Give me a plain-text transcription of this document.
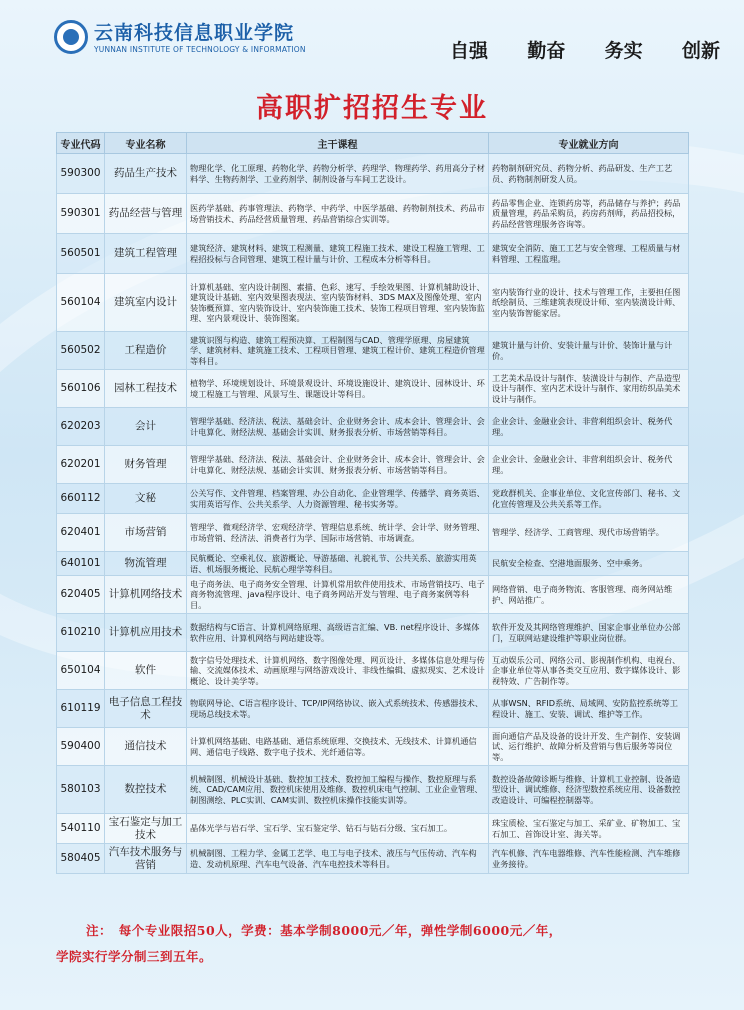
云南科技信息职业学院
YUNNAN INSTITUTE OF TECHNOLOGY & INFORMATION	自强 勤奋 务实 创新
高职扩招招生专业
专业代码	专业名称	主干课程	专业就业方向
590300	药品生产技术	物理化学、化工原理、药物化学、药物分析学、药理学、物理药学、药用高分子材料学、生物药剂学、工业药剂学、制剂设备与车间工艺设计。	药物制剂研究员、药物分析、药品研发、生产工艺员、药物制剂研发人员。
590301	药品经营与管理	医药学基础、药事管理法、药物学、中药学、中医学基础、药物制剂技术、药品市场营销技术、药品经营质量管理、药品营销综合实训等。	药品零售企业、连锁药房等，药品储存与养护；药品质量管理，药品采购员，药房药剂师，药品招投标，药品经营管理服务咨询等。
560501	建筑工程管理	建筑经济、建筑材料、建筑工程测量、建筑工程施工技术、建设工程施工管理、工程招投标与合同管理、建筑工程计量与计价、工程成本分析等科目。	建筑安全消防、施工工艺与安全管理、工程质量与材料管理、工程监理。
560104	建筑室内设计	计算机基础、室内设计制图、素描、色彩、速写、手绘效果图、计算机辅助设计、建筑设计基础、室内效果图表现法、室内装饰材料、3DS MAX及图像处理、室内装饰概预算、室内装饰设计、室内装饰施工技术、装饰工程项目管理、室内装饰监理、室内景观设计、装饰图案。	室内装饰行业的设计、技术与管理工作，主要担任图纸绘制员、三维建筑表现设计师、室内装潢设计师、室内装饰智能家居。
560502	工程造价	建筑识图与构造、建筑工程预决算、工程制图与CAD、管理学原理、房屋建筑学、建筑材料、建筑施工技术、工程项目管理、建筑工程计价、建筑工程造价管理等科目。	建筑计量与计价、安装计量与计价、装饰计量与计价。
560106	园林工程技术	植物学、环境规划设计、环境景观设计、环境设施设计、建筑设计、园林设计、环境工程施工与管理、风景写生、课题设计等科目。	工艺美术品设计与制作、装潢设计与制作、产品造型设计与制作、室内艺术设计与制作、家用纺织品美术设计与制作。
620203	会计	管理学基础、经济法、税法、基础会计、企业财务会计、成本会计、管理会计、会计电算化、财经法规、基础会计实训、财务报表分析、市场营销等科目。	企业会计、金融业会计、非营利组织会计、税务代理。
620201	财务管理	管理学基础、经济法、税法、基础会计、企业财务会计、成本会计、管理会计、会计电算化、财经法规、基础会计实训、财务报表分析、市场营销等科目。	企业会计、金融业会计、非营利组织会计、税务代理。
660112	文秘	公关写作、文件管理、档案管理、办公自动化、企业管理学、传播学、商务英语、实用英语写作、公共关系学、人力资源管理、秘书实务等。	党政群机关、企事业单位、文化宣传部门、秘书、文化宣传管理及公共关系等工作。
620401	市场营销	管理学、微观经济学、宏观经济学、管理信息系统、统计学、会计学、财务管理、市场营销、经济法、消费者行为学、国际市场营销、市场调查。	管理学、经济学、工商管理、现代市场营销学。
640101	物流管理	民航概论、空乘礼仪、旅游概论、导游基础、礼貌礼节、公共关系、旅游实用英语、机场服务概论、民航心理学等科目。	民航安全检查、空港地面服务、空中乘务。
620405	计算机网络技术	电子商务法、电子商务安全管理、计算机常用软件使用技术、市场营销技巧、电子商务物流管理、java程序设计、电子商务网站开发与管理、电子商务案例等科目。	网络营销、电子商务物流、客服管理、商务网站维护、网站推广。
610210	计算机应用技术	数据结构与C语言、计算机网络原理、高级语言汇编、VB. net程序设计、多媒体软件应用、计算机网络与网站建设等。	软件开发及其网络管理维护、国家企事业单位办公部门，互联网站建设维护等职业岗位群。
650104	软件	数字信号处理技术、计算机网络、数字图像处理、网页设计、多媒体信息处理与传输、交流媒体技术、动画原理与网络游戏设计、非线性编辑、虚拟现实、艺术设计概论、设计美学等。	互动娱乐公司、网络公司、影视制作机构、电视台、企事业单位等从事各类交互应用、数字媒体设计、影视特效、广告制作等。
610119	电子信息工程技术	物联网导论、C语言程序设计、TCP/IP网络协议、嵌入式系统技术、传感器技术、现场总线技术等。	从事WSN、RFID系统、局域网、安防监控系统等工程设计、施工、安装、调试、维护等工作。
590400	通信技术	计算机网络基础、电路基础、通信系统原理、交换技术、无线技术、计算机通信网、通信电子线路、数字电子技术、光纤通信等。	面向通信产品及设备的设计开发、生产制作、安装调试、运行维护、故障分析及营销与售后服务等岗位等。
580103	数控技术	机械制图、机械设计基础、数控加工技术、数控加工编程与操作、数控原理与系统、CAD/CAM应用、数控机床使用及维修、数控机床电气控制、工业企业管理、制图测绘、PLC实训、CAM实训、数控机床操作技能实训等。	数控设备故障诊断与维修、计算机工业控制、设备造型设计、调试维修、经济型数控系统应用、设备数控改造设计、可编程控制器等。
540110	宝石鉴定与加工技术	晶体光学与岩石学、宝石学、宝石鉴定学、钻石与钻石分级、宝石加工。	珠宝质检、宝石鉴定与加工、采矿业、矿物加工、宝石加工、首饰设计室、海关等。
580405	汽车技术服务与营销	机械制图、工程力学、金属工艺学、电工与电子技术、液压与气压传动、汽车构造、发动机原理、汽车电气设备、汽车电控技术等科目。	汽车机修、汽车电器维修、汽车性能检测、汽车维修业务接待。
注：　每个专业限招50人，学费：基本学制8000元／年，弹性学制6000元／年，
学院实行学分制三到五年。
